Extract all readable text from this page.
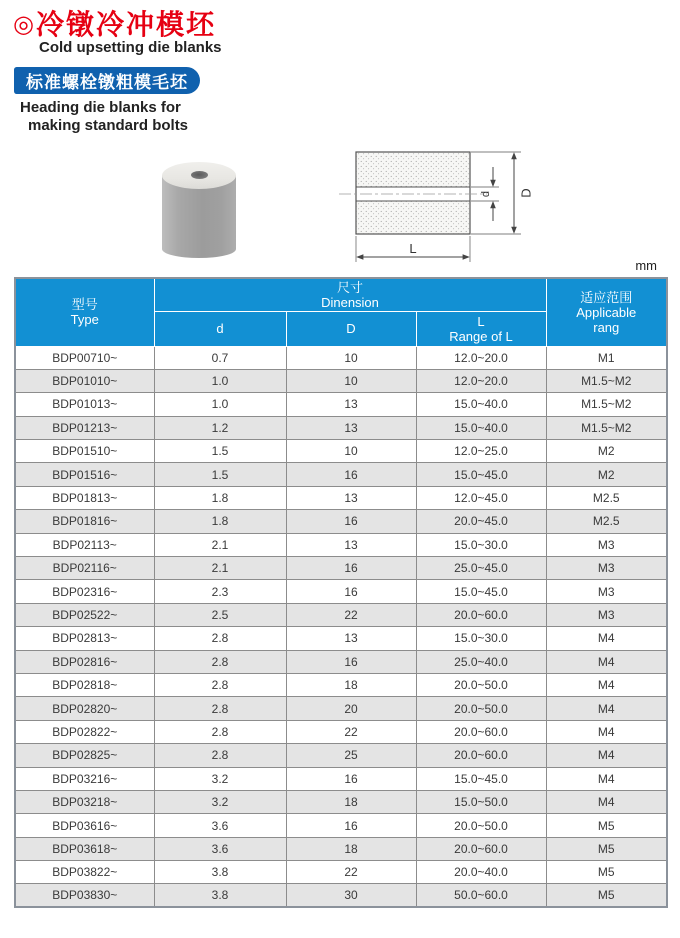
◎ 冷镦冷冲模坯
Cold upsetting die blanks
标准螺栓镦粗模毛坯
Heading die blanks for
making standard bolts
d D
L
mm
型号
Type	尺寸
Dinension			适应范围
Applicable
rang

	d	D	L
Range of L	

BDP00710~	0.7	10	12.0~20.0	M1
BDP01010~	1.0	10	12.0~20.0	M1.5~M2
BDP01013~	1.0	13	15.0~40.0	M1.5~M2
BDP01213~	1.2	13	15.0~40.0	M1.5~M2
BDP01510~	1.5	10	12.0~25.0	M2
BDP01516~	1.5	16	15.0~45.0	M2
BDP01813~	1.8	13	12.0~45.0	M2.5
BDP01816~	1.8	16	20.0~45.0	M2.5
BDP02113~	2.1	13	15.0~30.0	M3
BDP02116~	2.1	16	25.0~45.0	M3
BDP02316~	2.3	16	15.0~45.0	M3
BDP02522~	2.5	22	20.0~60.0	M3
BDP02813~	2.8	13	15.0~30.0	M4
BDP02816~	2.8	16	25.0~40.0	M4
BDP02818~	2.8	18	20.0~50.0	M4
BDP02820~	2.8	20	20.0~50.0	M4
BDP02822~	2.8	22	20.0~60.0	M4
BDP02825~	2.8	25	20.0~60.0	M4
BDP03216~	3.2	16	15.0~45.0	M4
BDP03218~	3.2	18	15.0~50.0	M4
BDP03616~	3.6	16	20.0~50.0	M5
BDP03618~	3.6	18	20.0~60.0	M5
BDP03822~	3.8	22	20.0~40.0	M5
BDP03830~	3.8	30	50.0~60.0	M5
